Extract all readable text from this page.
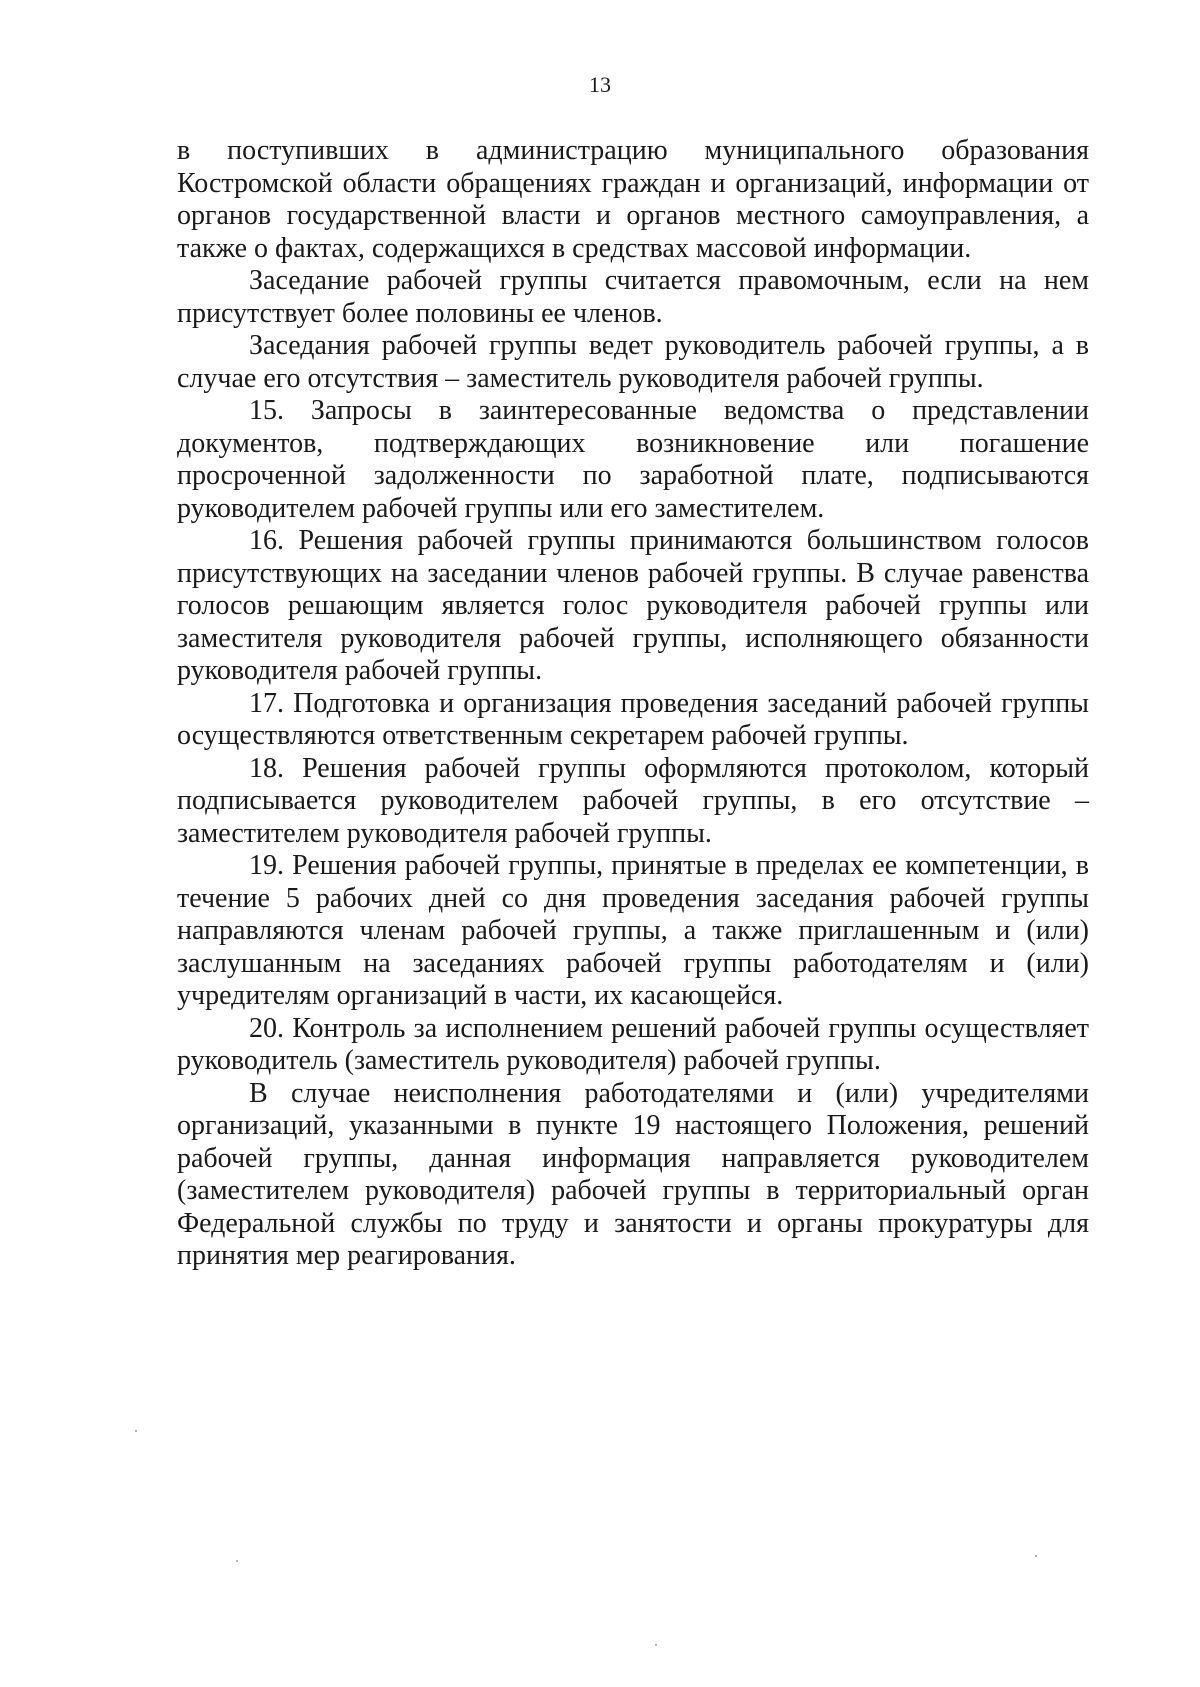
13

в поступивших в администрацию муниципального образования Костромской области обращениях граждан и организаций, информации от органов государственной власти и органов местного самоуправления, а также о фактах, содержащихся в средствах массовой информации.

Заседание рабочей группы считается правомочным, если на нем присутствует более половины ее членов.

Заседания рабочей группы ведет руководитель рабочей группы, а в случае его отсутствия – заместитель руководителя рабочей группы.

15. Запросы в заинтересованные ведомства о представлении документов, подтверждающих возникновение или погашение просроченной задолженности по заработной плате, подписываются руководителем рабочей группы или его заместителем.

16. Решения рабочей группы принимаются большинством голосов присутствующих на заседании членов рабочей группы. В случае равенства голосов решающим является голос руководителя рабочей группы или заместителя руководителя рабочей группы, исполняющего обязанности руководителя рабочей группы.

17. Подготовка и организация проведения заседаний рабочей группы осуществляются ответственным секретарем рабочей группы.

18. Решения рабочей группы оформляются протоколом, который подписывается руководителем рабочей группы, в его отсутствие – заместителем руководителя рабочей группы.

19. Решения рабочей группы, принятые в пределах ее компетенции, в течение 5 рабочих дней со дня проведения заседания рабочей группы направляются членам рабочей группы, а также приглашенным и (или) заслушанным на заседаниях рабочей группы работодателям и (или) учредителям организаций в части, их касающейся.

20. Контроль за исполнением решений рабочей группы осуществляет руководитель (заместитель руководителя) рабочей группы.

В случае неисполнения работодателями и (или) учредителями организаций, указанными в пункте 19 настоящего Положения, решений рабочей группы, данная информация направляется руководителем (заместителем руководителя) рабочей группы в территориальный орган Федеральной службы по труду и занятости и органы прокуратуры для принятия мер реагирования.
